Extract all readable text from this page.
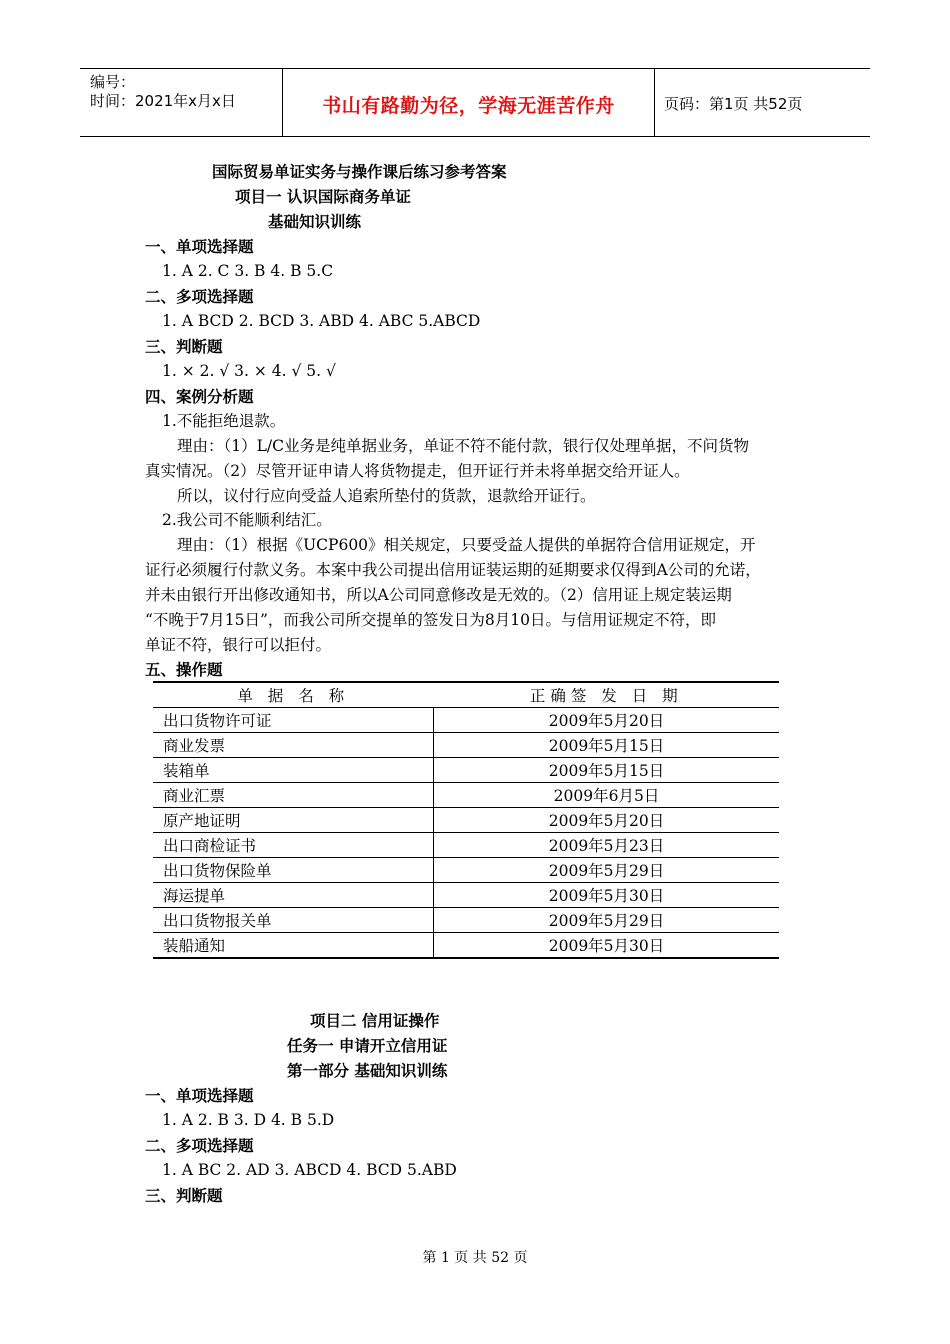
编号：
时间：2021年x月x日	书山有路勤为径，学海无涯苦作舟	页码：第1页 共52页
国际贸易单证实务与操作课后练习参考答案
项目一 认识国际商务单证
基础知识训练
一、单项选择题
1. A 2. C 3. B 4. B 5.C
二、多项选择题
1. A BCD 2. BCD 3. ABD 4. ABC 5.ABCD
三、判断题
1. × 2. √ 3. × 4. √ 5. √
四、案例分析题
1.不能拒绝退款。
理由：（1）L/C业务是纯单据业务，单证不符不能付款，银行仅处理单据，不问货物
真实情况。（2）尽管开证申请人将货物提走，但开证行并未将单据交给开证人。
所以，议付行应向受益人追索所垫付的货款，退款给开证行。
2.我公司不能顺利结汇。
理由：（1）根据《UCP600》相关规定，只要受益人提供的单据符合信用证规定，开
证行必须履行付款义务。本案中我公司提出信用证装运期的延期要求仅得到A公司的允诺，
并未由银行开出修改通知书，所以A公司同意修改是无效的。（2）信用证上规定装运期
“不晚于7月15日”，而我公司所交提单的签发日为8月10日。与信用证规定不符，即
单证不符，银行可以拒付。
五、操作题
单 据 名 称	正确签 发 日 期
出口货物许可证	2009年5月20日
商业发票	2009年5月15日
装箱单	2009年5月15日
商业汇票	2009年6月5日
原产地证明	2009年5月20日
出口商检证书	2009年5月23日
出口货物保险单	2009年5月29日
海运提单	2009年5月30日
出口货物报关单	2009年5月29日
装船通知	2009年5月30日
项目二 信用证操作
任务一 申请开立信用证
第一部分 基础知识训练
一、单项选择题
1. A 2. B 3. D 4. B 5.D
二、多项选择题
1. A BC 2. AD 3. ABCD 4. BCD 5.ABD
三、判断题
第 1 页 共 52 页
